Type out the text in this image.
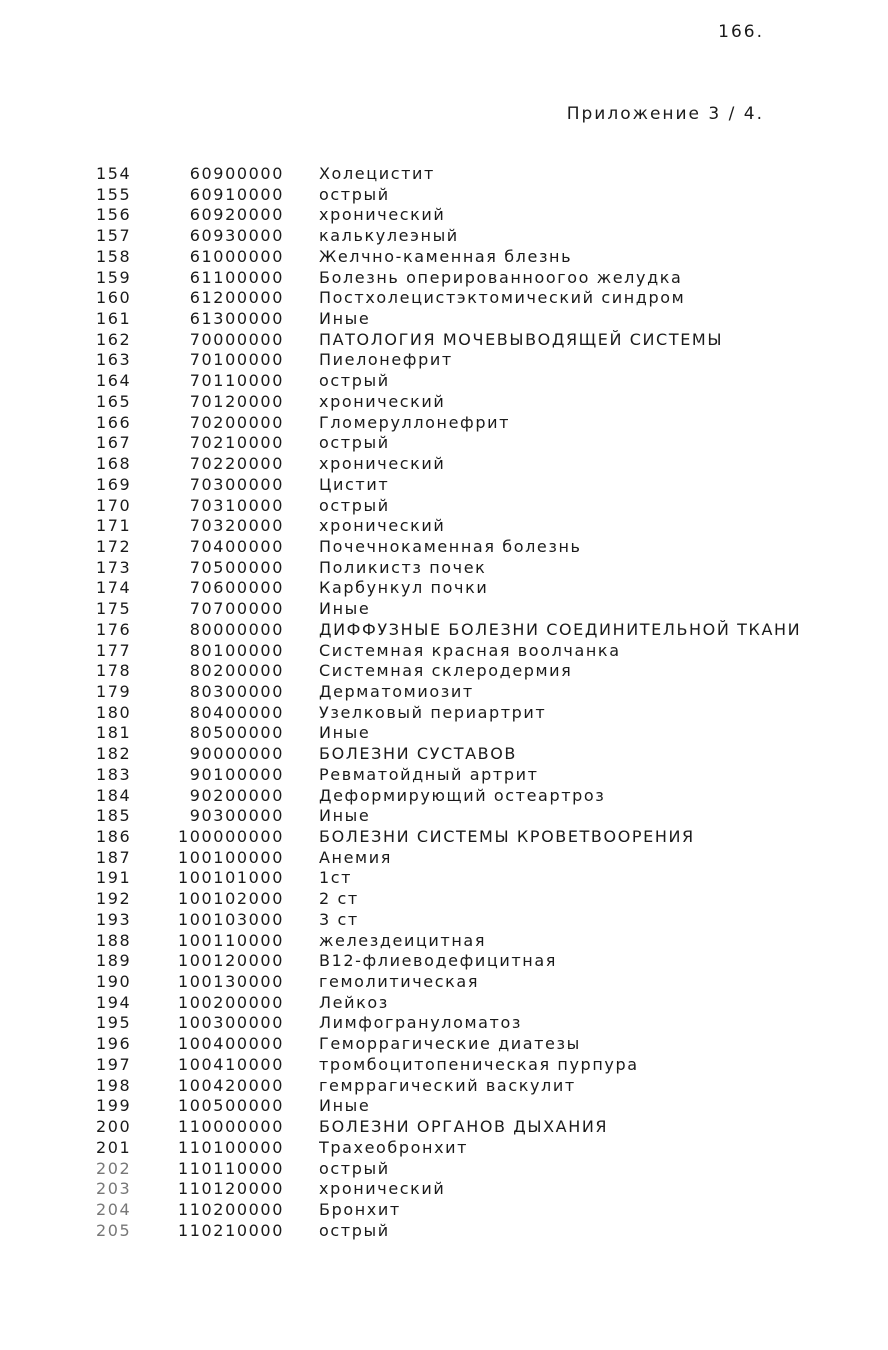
166.
Приложение 3 / 4.
154	60900000 Холецистит
155	60910000 острый
156	60920000 хронический
157	60930000 калькулеэный
158	61000000 Желчно-каменная блезнь
159	61100000 Болезнь оперированноогоо желудка
160	61200000 Постхолецистэктомический синдром
161	61300000 Иные
162	70000000 ПАТОЛОГИЯ МОЧЕВЫВОДЯЩЕЙ СИСТЕМЫ
163	70100000 Пиелонефрит
164	70110000 острый
165	70120000 хронический
166	70200000 Гломеруллонефрит
167	70210000 острый
168	70220000 хронический
169	70300000 Цистит
170	70310000 острый
171	70320000 хронический
172	70400000 Почечнокаменная болезнь
173	70500000 Поликистз почек
174	70600000 Карбункул почки
175	70700000 Иные
176	80000000 ДИФФУЗНЫЕ БОЛЕЗНИ СОЕДИНИТЕЛЬНОЙ ТКАНИ
177	80100000 Системная красная воолчанка
178	80200000 Системная склеродермия
179	80300000 Дерматомиозит
180	80400000 Узелковый периартрит
181	80500000 Иные
182	90000000 БОЛЕЗНИ СУСТАВОВ
183	90100000 Ревматойдный артрит
184	90200000 Деформирующий остеартроз
185	90300000 Иные
186	100000000 БОЛЕЗНИ СИСТЕМЫ КРОВЕТВООРЕНИЯ
187	100100000 Анемия
191	100101000 1ст
192	100102000 2 ст
193	100103000 3 ст
188	100110000 желездеицитная
189	100120000 В12-флиеводефицитная
190	100130000 гемолитическая
194	100200000 Лейкоз
195	100300000 Лимфогрануломатоз
196	100400000 Геморрагические диатезы
197	100410000 тромбоцитопеническая пурпура
198	100420000 гемррагический васкулит
199	100500000 Иные
200	110000000 БОЛЕЗНИ ОРГАНОВ ДЫХАНИЯ
201	110100000 Трахеобронхит
202	110110000 острый
203	110120000 хронический
204	110200000 Бронхит
205	110210000 острый
